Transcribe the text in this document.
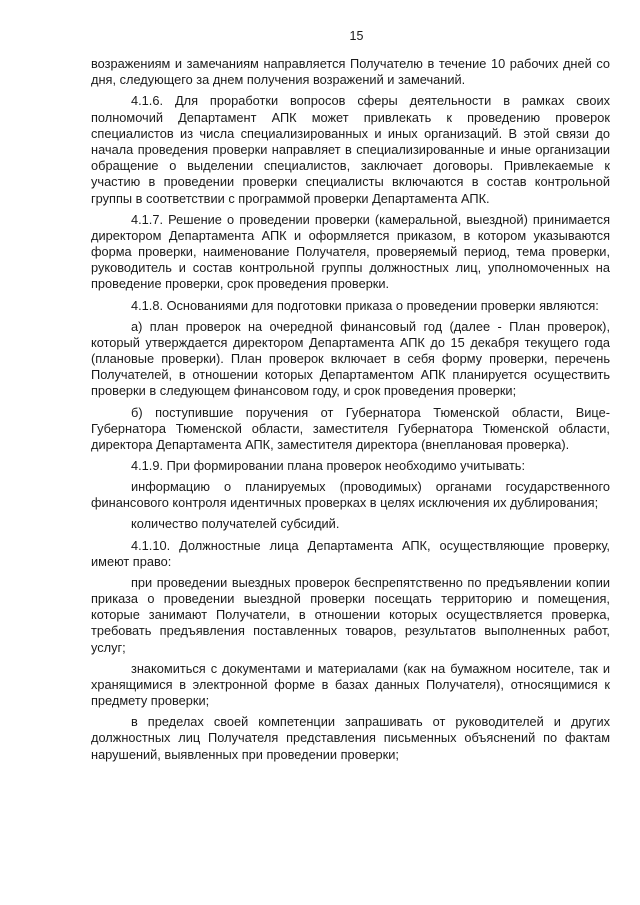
15

возражениям и замечаниям направляется Получателю в течение 10 рабочих дней со дня, следующего за днем получения возражений и замечаний.

4.1.6. Для проработки вопросов сферы деятельности в рамках своих полномочий Департамент АПК может привлекать к проведению проверок специалистов из числа специализированных и иных организаций. В этой связи до начала проведения проверки направляет в специализированные и иные организации обращение о выделении специалистов, заключает договоры. Привлекаемые к участию в проведении проверки специалисты включаются в состав контрольной группы в соответствии с программой проверки Департамента АПК.

4.1.7. Решение о проведении проверки (камеральной, выездной) принимается директором Департамента АПК и оформляется приказом, в котором указываются форма проверки, наименование Получателя, проверяемый период, тема проверки, руководитель и состав контрольной группы должностных лиц, уполномоченных на проведение проверки, срок проведения проверки.

4.1.8. Основаниями для подготовки приказа о проведении проверки являются:

а) план проверок на очередной финансовый год (далее - План проверок), который утверждается директором Департамента АПК до 15 декабря текущего года (плановые проверки). План проверок включает в себя форму проверки, перечень Получателей, в отношении которых Департаментом АПК планируется осуществить проверки в следующем финансовом году, и срок проведения проверки;

б) поступившие поручения от Губернатора Тюменской области, Вице-Губернатора Тюменской области, заместителя Губернатора Тюменской области, директора Департамента АПК, заместителя директора (внеплановая проверка).

4.1.9. При формировании плана проверок необходимо учитывать:

информацию о планируемых (проводимых) органами государственного финансового контроля идентичных проверках в целях исключения их дублирования;

количество получателей субсидий.

4.1.10. Должностные лица Департамента АПК, осуществляющие проверку, имеют право:

при проведении выездных проверок беспрепятственно по предъявлении копии приказа о проведении выездной проверки посещать территорию и помещения, которые занимают Получатели, в отношении которых осуществляется проверка, требовать предъявления поставленных товаров, результатов выполненных работ, услуг;

знакомиться с документами и материалами (как на бумажном носителе, так и хранящимися в электронной форме в базах данных Получателя), относящимися к предмету проверки;

в пределах своей компетенции запрашивать от руководителей и других должностных лиц Получателя представления письменных объяснений по фактам нарушений, выявленных при проведении проверки;
